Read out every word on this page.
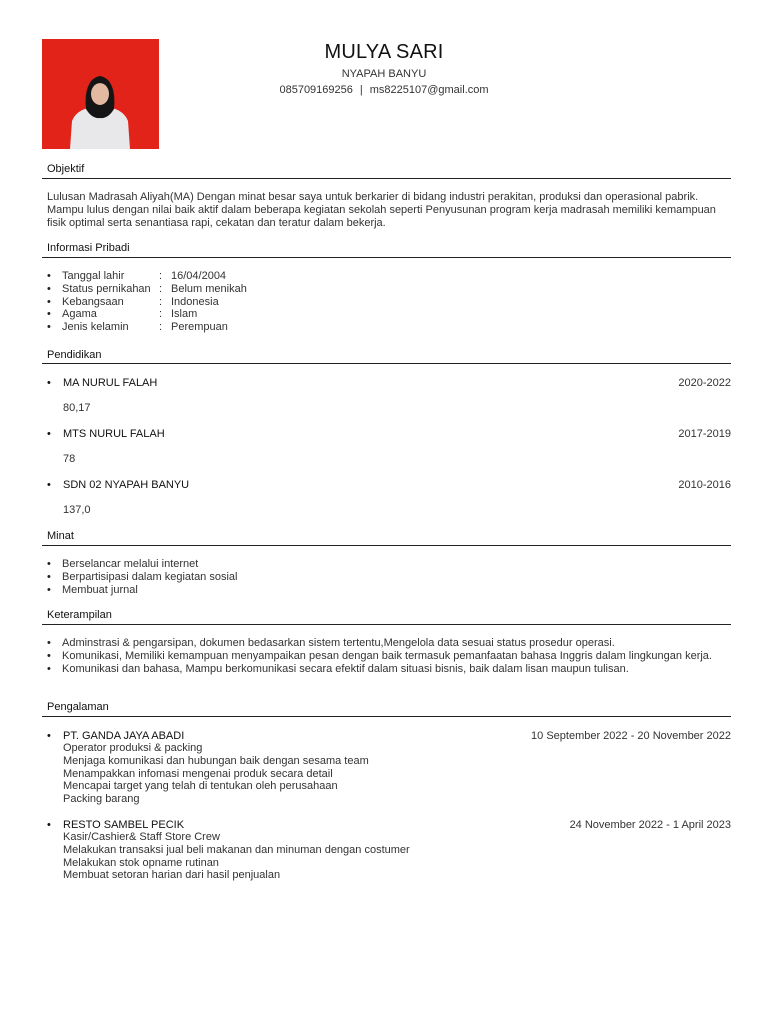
MULYA SARI
NYAPAH BANYU
085709169256 | ms8225107@gmail.com
Objektif
Lulusan Madrasah Aliyah(MA) Dengan minat besar saya untuk berkarier di bidang industri perakitan, produksi dan operasional pabrik. Mampu lulus dengan nilai baik aktif dalam beberapa kegiatan sekolah seperti Penyusunan program kerja madrasah memiliki kemampuan fisik optimal serta senantiasa rapi, cekatan dan teratur dalam bekerja.
Informasi Pribadi
• Tanggal lahir	: 16/04/2004
• Status pernikahan : Belum menikah
• Kebangsaan	: Indonesia
• Agama	: Islam
• Jenis kelamin	: Perempuan
Pendidikan
• MA NURUL FALAH	2020-2022
80,17
• MTS NURUL FALAH	2017-2019
78
• SDN 02 NYAPAH BANYU	2010-2016
137,0
Minat
• Berselancar melalui internet
• Berpartisipasi dalam kegiatan sosial
• Membuat jurnal
Keterampilan
• Adminstrasi & pengarsipan, dokumen bedasarkan sistem tertentu,Mengelola data sesuai status prosedur operasi.
• Komunikasi, Memiliki kemampuan menyampaikan pesan dengan baik termasuk pemanfaatan bahasa Inggris dalam lingkungan kerja.
• Komunikasi dan bahasa, Mampu berkomunikasi secara efektif dalam situasi bisnis, baik dalam lisan maupun tulisan.
Pengalaman
• PT. GANDA JAYA ABADI	10 September 2022 - 20 November 2022
Operator produksi & packing
Menjaga komunikasi dan hubungan baik dengan sesama team
Menampakkan infomasi mengenai produk secara detail
Mencapai target yang telah di tentukan oleh perusahaan
Packing barang
• RESTO SAMBEL PECIK	24 November 2022 - 1 April 2023
Kasir/Cashier& Staff Store Crew
Melakukan transaksi jual beli makanan dan minuman dengan costumer
Melakukan stok opname rutinan
Membuat setoran harian dari hasil penjualan
